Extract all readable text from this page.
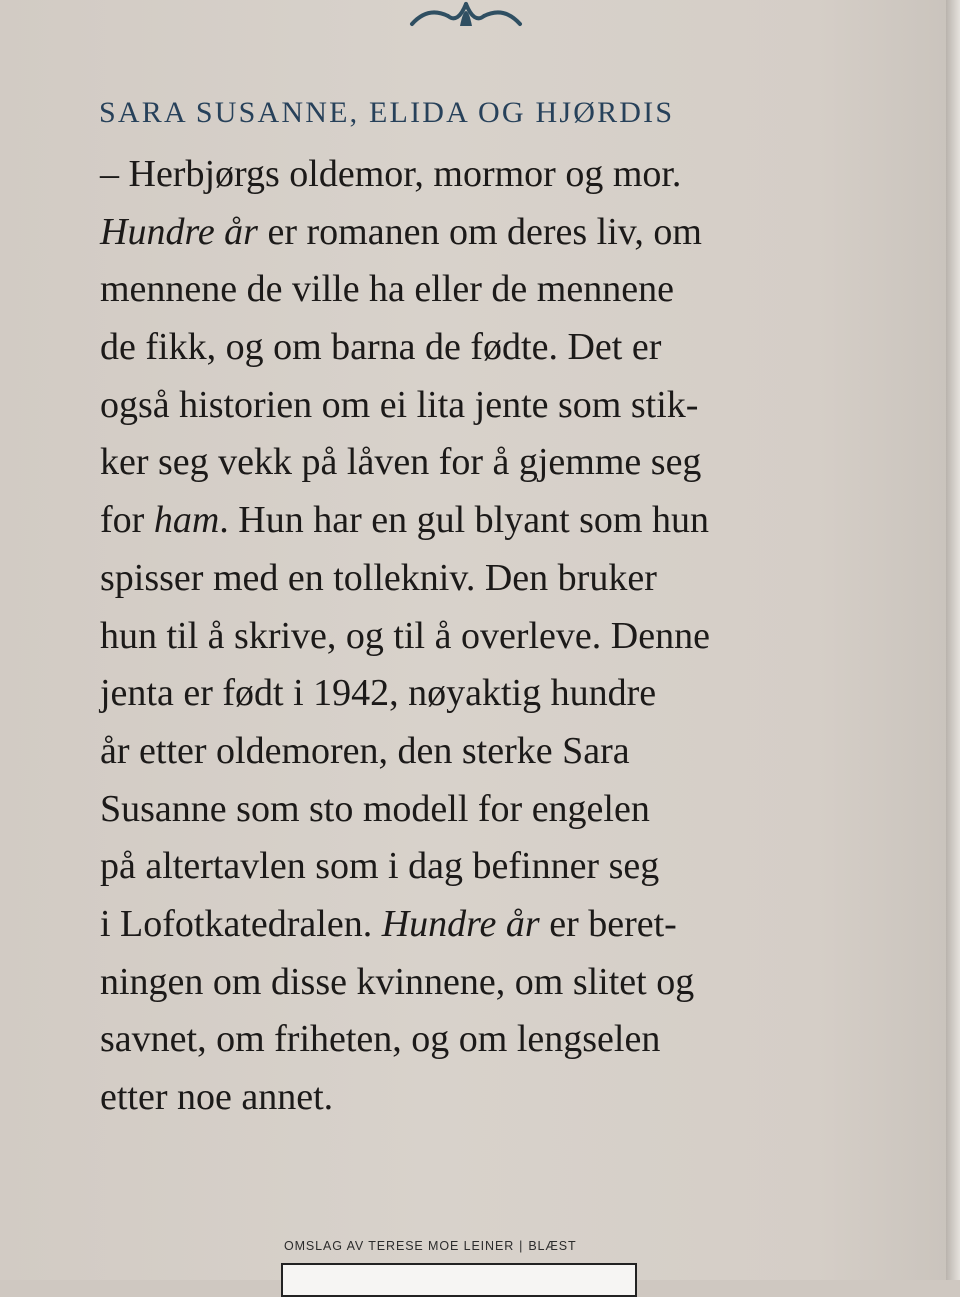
SARA SUSANNE, ELIDA OG HJØRDIS
– Herbjørgs oldemor, mormor og mor.
Hundre år er romanen om deres liv, om
mennene de ville ha eller de mennene
de fikk, og om barna de fødte. Det er
også historien om ei lita jente som stik-
ker seg vekk på låven for å gjemme seg
for ham. Hun har en gul blyant som hun
spisser med en tollekniv. Den bruker
hun til å skrive, og til å overleve. Denne
jenta er født i 1942, nøyaktig hundre
år etter oldemoren, den sterke Sara
Susanne som sto modell for engelen
på altertavlen som i dag befinner seg
i Lofotkatedralen. Hundre år er beret-
ningen om disse kvinnene, om slitet og
savnet, om friheten, og om lengselen
etter noe annet.
OMSLAG AV TERESE MOE LEINER | BLÆST
